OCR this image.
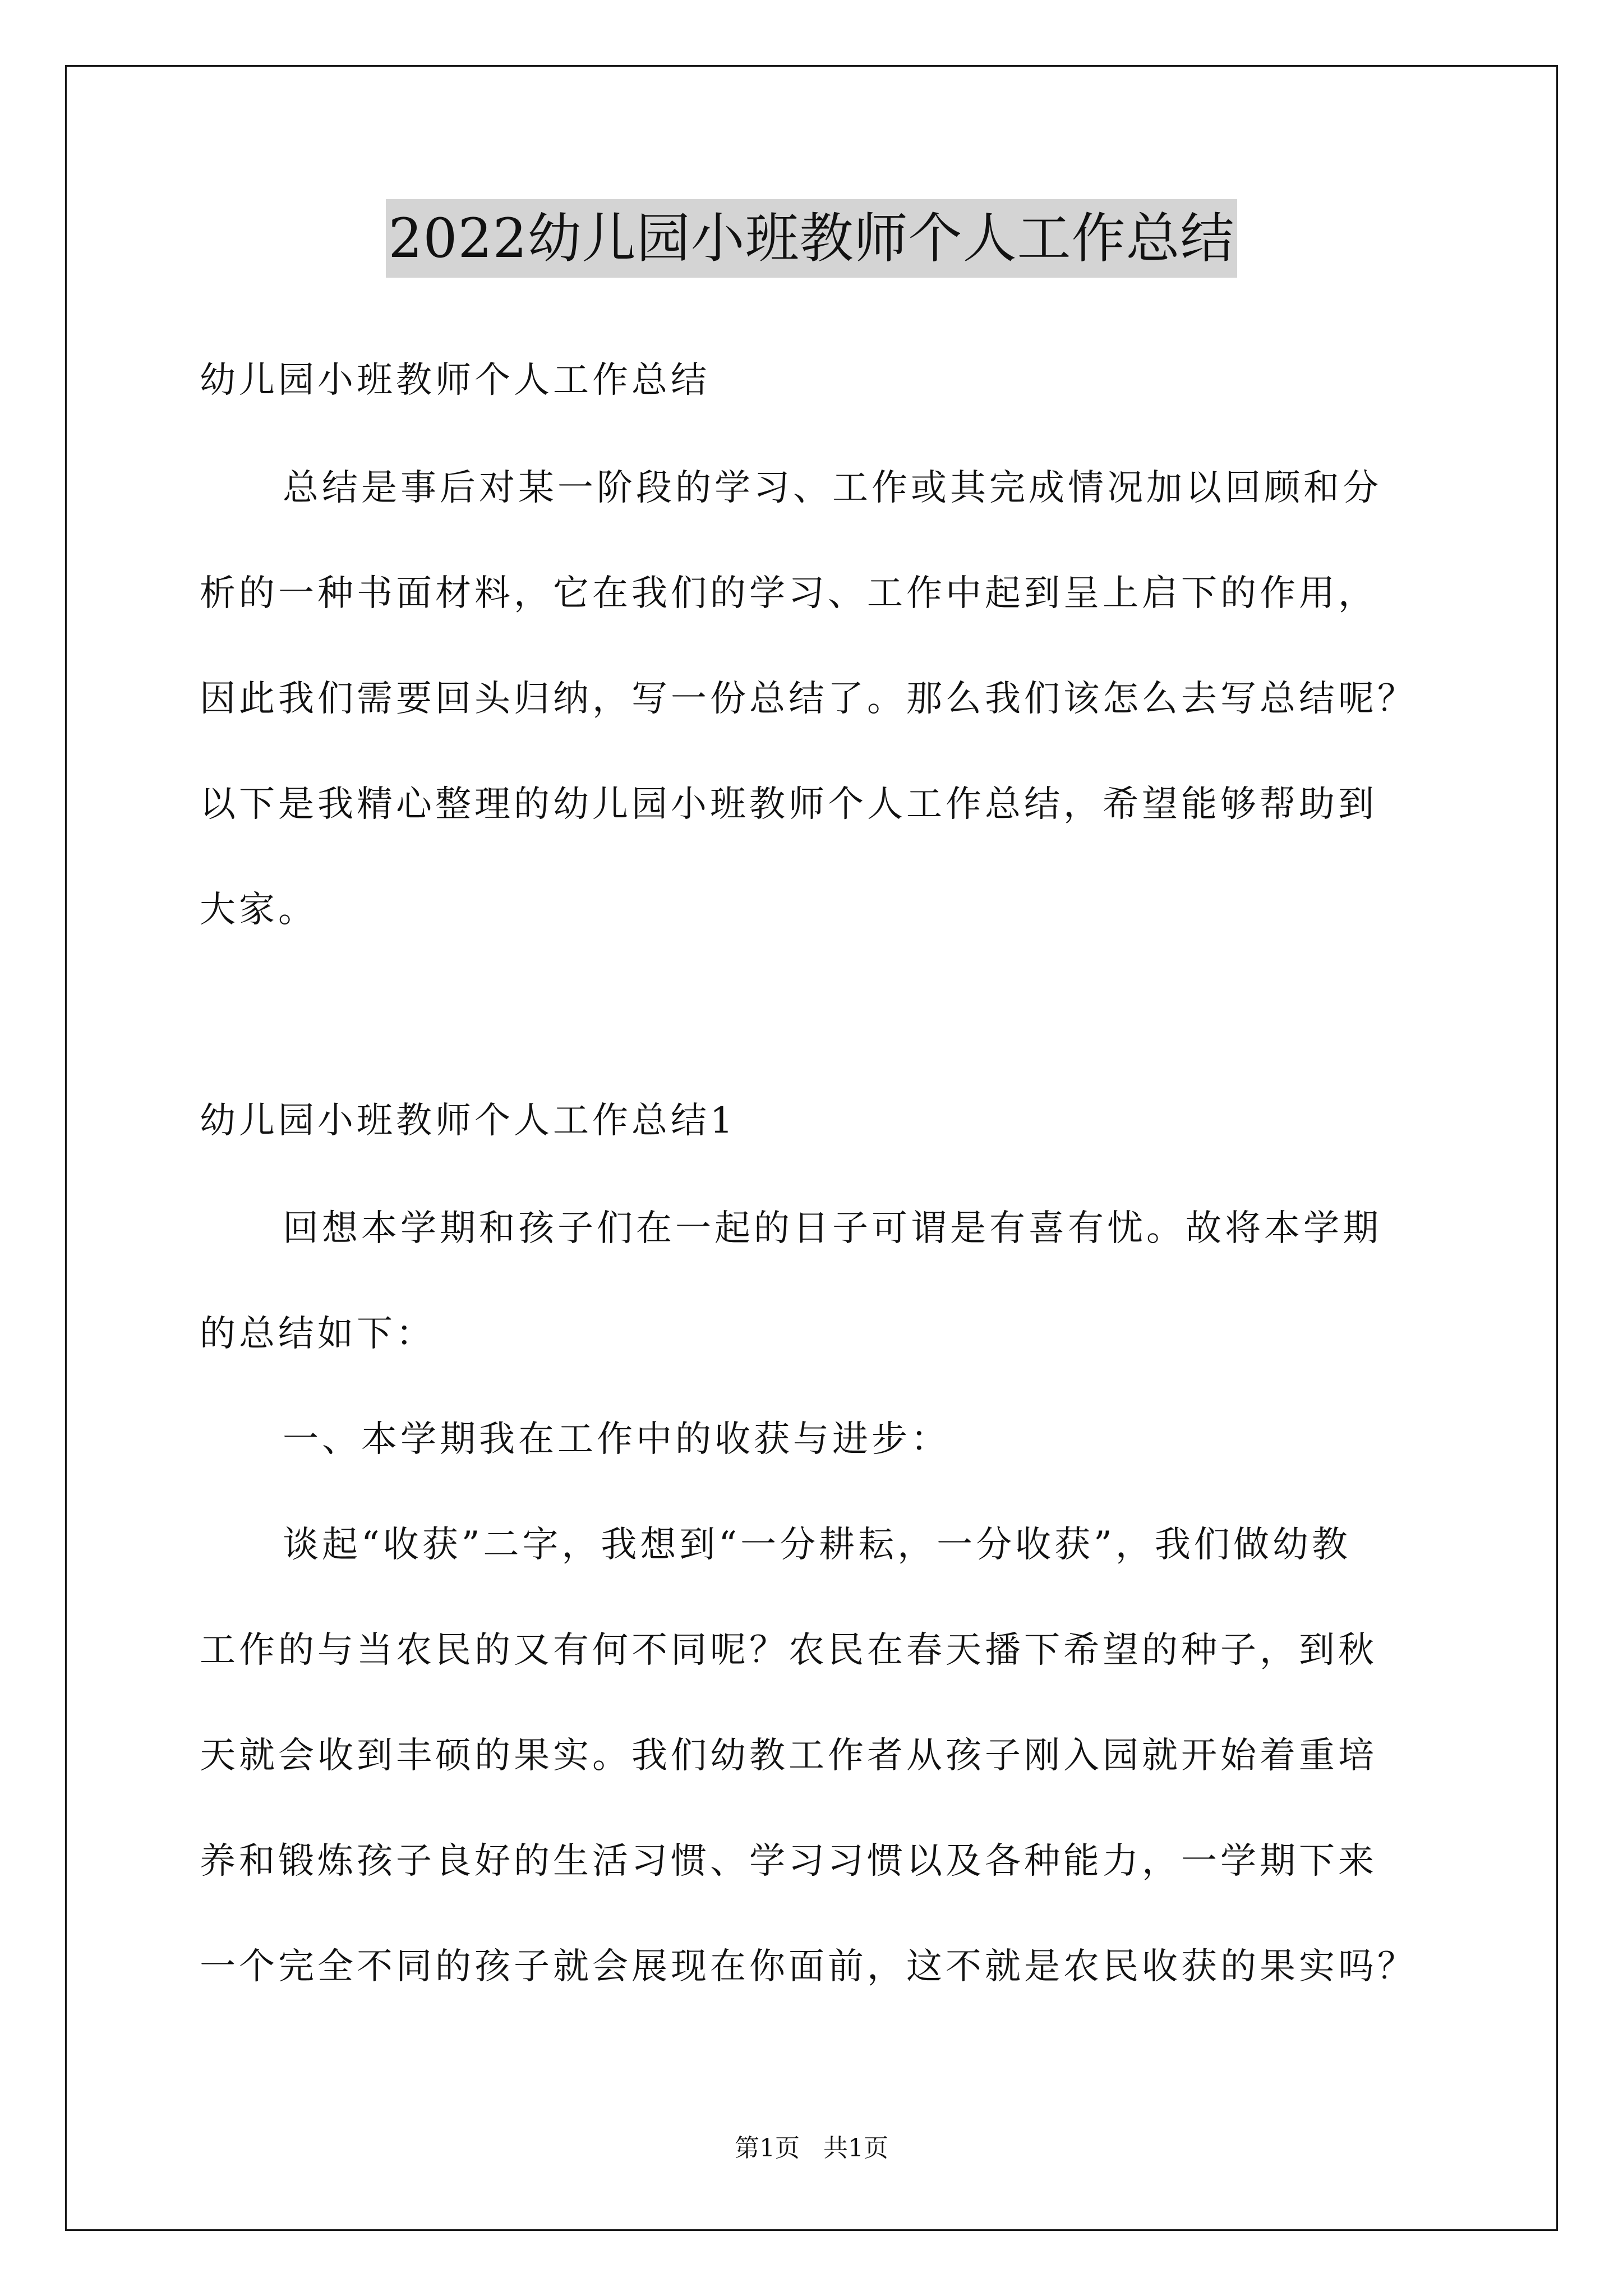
2022幼儿园小班教师个人工作总结
幼儿园小班教师个人工作总结
总结是事后对某一阶段的学习、工作或其完成情况加以回顾和分
析的一种书面材料，它在我们的学习、工作中起到呈上启下的作用，
因此我们需要回头归纳，写一份总结了。那么我们该怎么去写总结呢？
以下是我精心整理的幼儿园小班教师个人工作总结，希望能够帮助到
大家。
幼儿园小班教师个人工作总结1
回想本学期和孩子们在一起的日子可谓是有喜有忧。故将本学期
的总结如下：
一、本学期我在工作中的收获与进步：
谈起“收获”二字，我想到“一分耕耘，一分收获”，我们做幼教
工作的与当农民的又有何不同呢？农民在春天播下希望的种子，到秋
天就会收到丰硕的果实。我们幼教工作者从孩子刚入园就开始着重培
养和锻炼孩子良好的生活习惯、学习习惯以及各种能力，一学期下来
一个完全不同的孩子就会展现在你面前，这不就是农民收获的果实吗？
第1页 共1页
